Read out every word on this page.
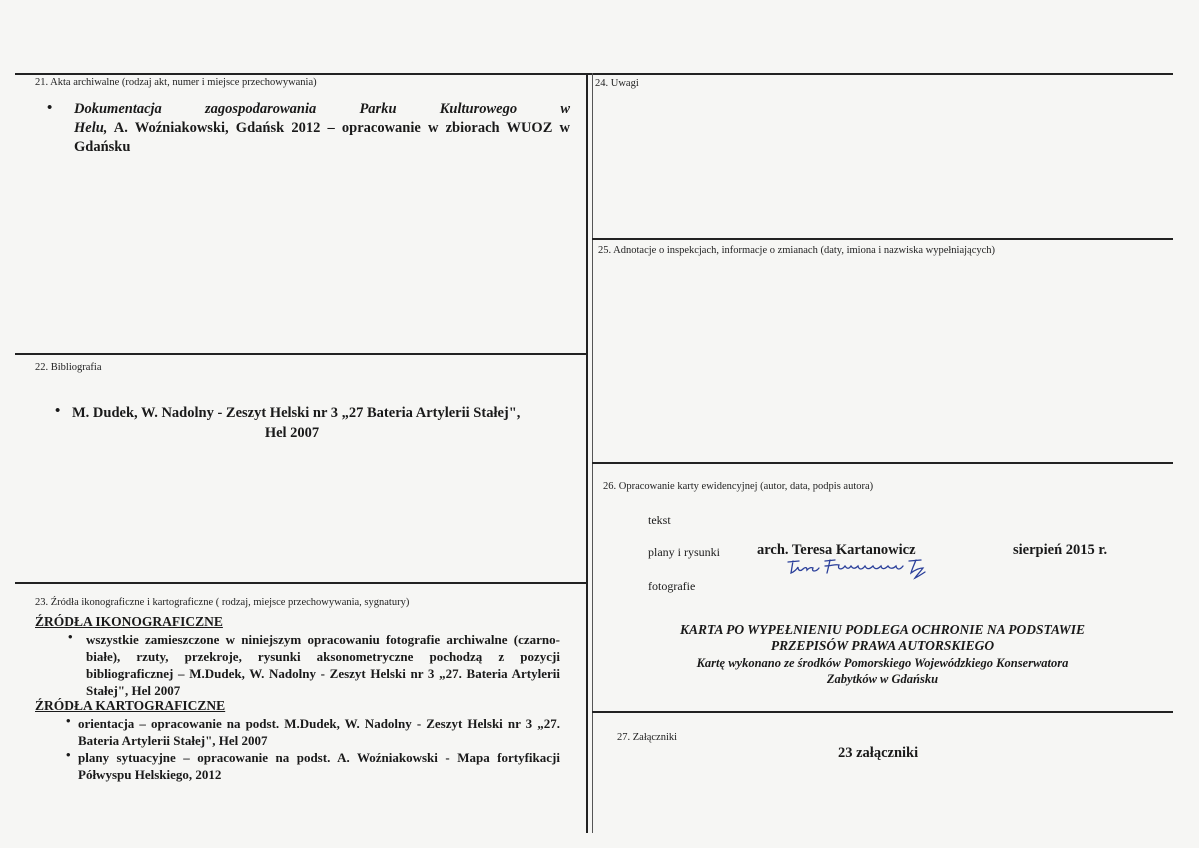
21. Akta archiwalne (rodzaj akt, numer i miejsce przechowywania)
• Dokumentacja zagospodarowania Parku Kulturowego w Helu, A. Woźniakowski, Gdańsk 2012 – opracowanie w zbiorach WUOZ w Gdańsku
22. Bibliografia
• M. Dudek, W. Nadolny - Zeszyt Helski nr 3 „27 Bateria Artylerii Stałej",
Hel 2007
23. Źródła ikonograficzne i kartograficzne ( rodzaj, miejsce przechowywania, sygnatury)
ŹRÓDŁA IKONOGRAFICZNE
• wszystkie zamieszczone w niniejszym opracowaniu fotografie archiwalne (czarno-białe), rzuty, przekroje, rysunki aksonometryczne pochodzą z pozycji bibliograficznej – M.Dudek, W. Nadolny - Zeszyt Helski nr 3 „27. Bateria Artylerii Stałej", Hel 2007
ŹRÓDŁA KARTOGRAFICZNE
• orientacja – opracowanie na podst. M.Dudek, W. Nadolny - Zeszyt Helski nr 3 „27. Bateria Artylerii Stałej", Hel 2007
• plany sytuacyjne – opracowanie na podst. A. Woźniakowski - Mapa fortyfikacji Półwyspu Helskiego, 2012
24. Uwagi
25. Adnotacje o inspekcjach, informacje o zmianach (daty, imiona i nazwiska wypełniających)
26. Opracowanie karty ewidencyjnej (autor, data, podpis autora)
tekst
plany i rysunki	arch. Teresa Kartanowicz	sierpień 2015 r.
fotografie
KARTA PO WYPEŁNIENIU PODLEGA OCHRONIE NA PODSTAWIE
PRZEPISÓW PRAWA AUTORSKIEGO
Kartę wykonano ze środków Pomorskiego Wojewódzkiego Konserwatora
Zabytków w Gdańsku
27. Załączniki
23 załączniki
